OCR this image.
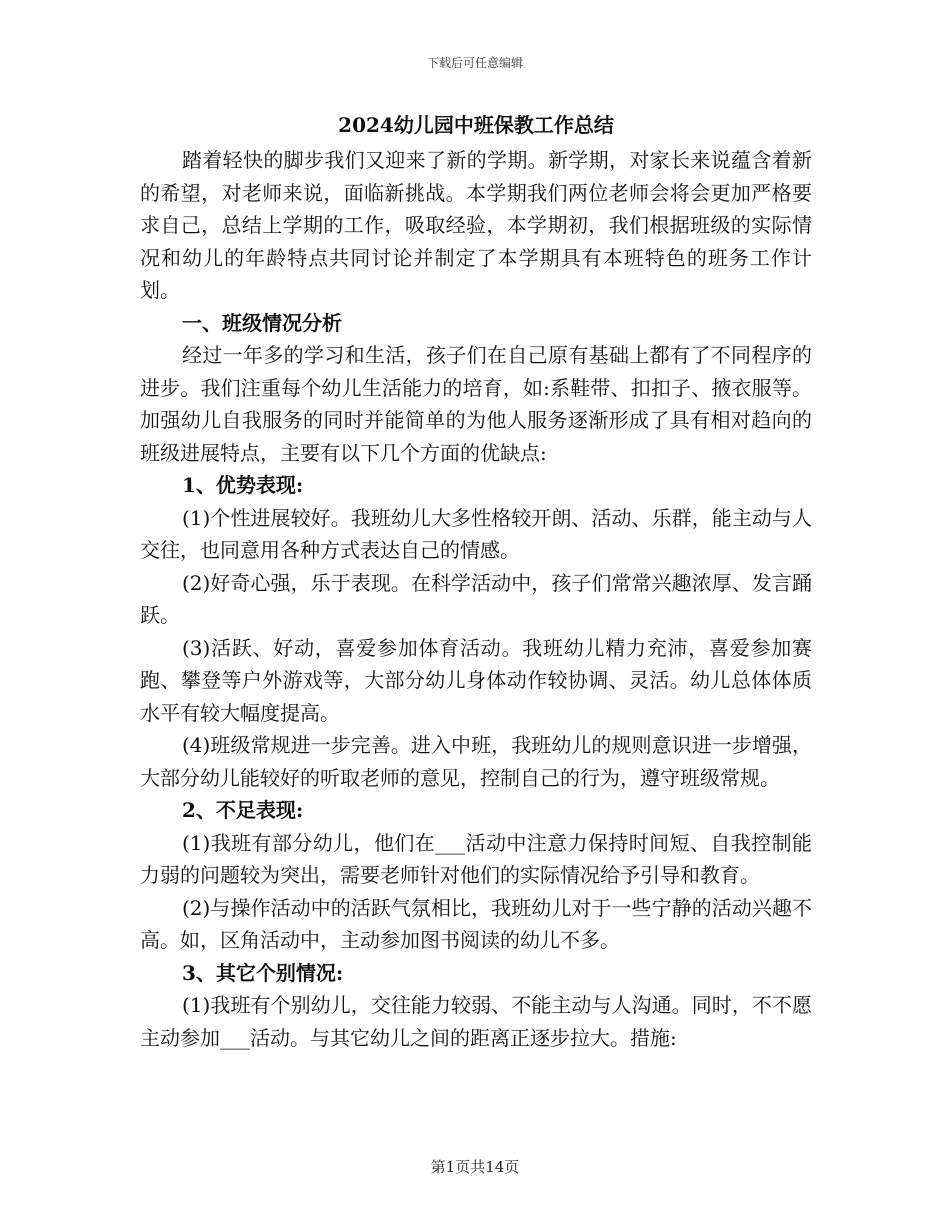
下载后可任意编辑
2024幼儿园中班保教工作总结

踏着轻快的脚步我们又迎来了新的学期。新学期，对家长来说蕴含着新的希望，对老师来说，面临新挑战。本学期我们两位老师会将会更加严格要求自己，总结上学期的工作，吸取经验，本学期初，我们根据班级的实际情况和幼儿的年龄特点共同讨论并制定了本学期具有本班特色的班务工作计划。

一、班级情况分析

经过一年多的学习和生活，孩子们在自己原有基础上都有了不同程序的进步。我们注重每个幼儿生活能力的培育，如:系鞋带、扣扣子、掖衣服等。加强幼儿自我服务的同时并能简单的为他人服务逐渐形成了具有相对趋向的班级进展特点，主要有以下几个方面的优缺点:

1、优势表现:

(1)个性进展较好。我班幼儿大多性格较开朗、活动、乐群，能主动与人交往，也同意用各种方式表达自己的情感。

(2)好奇心强，乐于表现。在科学活动中，孩子们常常兴趣浓厚、发言踊跃。

(3)活跃、好动，喜爱参加体育活动。我班幼儿精力充沛，喜爱参加赛跑、攀登等户外游戏等，大部分幼儿身体动作较协调、灵活。幼儿总体体质水平有较大幅度提高。

(4)班级常规进一步完善。进入中班，我班幼儿的规则意识进一步增强，大部分幼儿能较好的听取老师的意见，控制自己的行为，遵守班级常规。

2、不足表现:

(1)我班有部分幼儿，他们在___活动中注意力保持时间短、自我控制能力弱的问题较为突出，需要老师针对他们的实际情况给予引导和教育。

(2)与操作活动中的活跃气氛相比，我班幼儿对于一些宁静的活动兴趣不高。如，区角活动中，主动参加图书阅读的幼儿不多。

3、其它个别情况:

(1)我班有个别幼儿，交往能力较弱、不能主动与人沟通。同时，不不愿主动参加___活动。与其它幼儿之间的距离正逐步拉大。措施:

第1页共14页
